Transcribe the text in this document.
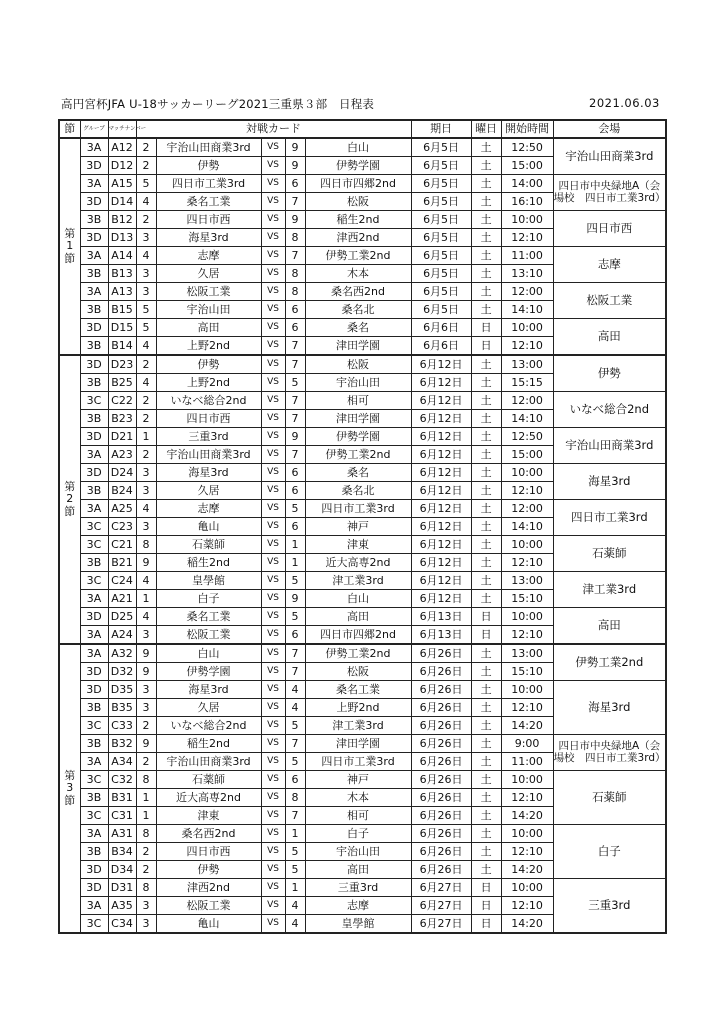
高円宮杯JFA U-18サッカーリーグ2021三重県３部　日程表	2021.06.03
節	グループ	マッチナンバー	対戦カード					期日	曜日	開始時間	会場

第1節	3A	A12	2	宇治山田商業3rd	VS	9	白山	6月5日	土	12:50	宇治山田商業3rd
	3D	D12	2	伊勢	VS	9	伊勢学園	6月5日	土	15:00	
	3A	A15	5	四日市工業3rd	VS	6	四日市四郷2nd	6月5日	土	14:00	四日市中央緑地A（会場校　四日市工業3rd）
	3D	D14	4	桑名工業	VS	7	松阪	6月5日	土	16:10	
	3B	B12	2	四日市西	VS	9	稲生2nd	6月5日	土	10:00	四日市西
	3D	D13	3	海星3rd	VS	8	津西2nd	6月5日	土	12:10	
	3A	A14	4	志摩	VS	7	伊勢工業2nd	6月5日	土	11:00	志摩
	3B	B13	3	久居	VS	8	木本	6月5日	土	13:10	
	3A	A13	3	松阪工業	VS	8	桑名西2nd	6月5日	土	12:00	松阪工業
	3B	B15	5	宇治山田	VS	6	桑名北	6月5日	土	14:10	
	3D	D15	5	高田	VS	6	桑名	6月6日	日	10:00	高田
	3B	B14	4	上野2nd	VS	7	津田学園	6月6日	日	12:10	

第2節	3D	D23	2	伊勢	VS	7	松阪	6月12日	土	13:00	伊勢
	3B	B25	4	上野2nd	VS	5	宇治山田	6月12日	土	15:15	
	3C	C22	2	いなべ総合2nd	VS	7	相可	6月12日	土	12:00	いなべ総合2nd
	3B	B23	2	四日市西	VS	7	津田学園	6月12日	土	14:10	
	3D	D21	1	三重3rd	VS	9	伊勢学園	6月12日	土	12:50	宇治山田商業3rd
	3A	A23	2	宇治山田商業3rd	VS	7	伊勢工業2nd	6月12日	土	15:00	
	3D	D24	3	海星3rd	VS	6	桑名	6月12日	土	10:00	海星3rd
	3B	B24	3	久居	VS	6	桑名北	6月12日	土	12:10	
	3A	A25	4	志摩	VS	5	四日市工業3rd	6月12日	土	12:00	四日市工業3rd
	3C	C23	3	亀山	VS	6	神戸	6月12日	土	14:10	
	3C	C21	8	石薬師	VS	1	津東	6月12日	土	10:00	石薬師
	3B	B21	9	稲生2nd	VS	1	近大高専2nd	6月12日	土	12:10	
	3C	C24	4	皇學館	VS	5	津工業3rd	6月12日	土	13:00	津工業3rd
	3A	A21	1	白子	VS	9	白山	6月12日	土	15:10	
	3D	D25	4	桑名工業	VS	5	高田	6月13日	日	10:00	高田
	3A	A24	3	松阪工業	VS	6	四日市四郷2nd	6月13日	日	12:10	

第3節	3A	A32	9	白山	VS	7	伊勢工業2nd	6月26日	土	13:00	伊勢工業2nd
	3D	D32	9	伊勢学園	VS	7	松阪	6月26日	土	15:10	
	3D	D35	3	海星3rd	VS	4	桑名工業	6月26日	土	10:00	海星3rd
	3B	B35	3	久居	VS	4	上野2nd	6月26日	土	12:10	
	3C	C33	2	いなべ総合2nd	VS	5	津工業3rd	6月26日	土	14:20	
	3B	B32	9	稲生2nd	VS	7	津田学園	6月26日	土	9:00	四日市中央緑地A（会場校　四日市工業3rd）
	3A	A34	2	宇治山田商業3rd	VS	5	四日市工業3rd	6月26日	土	11:00	
	3C	C32	8	石薬師	VS	6	神戸	6月26日	土	10:00	石薬師
	3B	B31	1	近大高専2nd	VS	8	木本	6月26日	土	12:10	
	3C	C31	1	津東	VS	7	相可	6月26日	土	14:20	
	3A	A31	8	桑名西2nd	VS	1	白子	6月26日	土	10:00	白子
	3B	B34	2	四日市西	VS	5	宇治山田	6月26日	土	12:10	
	3D	D34	2	伊勢	VS	5	高田	6月26日	土	14:20	
	3D	D31	8	津西2nd	VS	1	三重3rd	6月27日	日	10:00	三重3rd
	3A	A35	3	松阪工業	VS	4	志摩	6月27日	日	12:10	
	3C	C34	3	亀山	VS	4	皇學館	6月27日	日	14:20	
